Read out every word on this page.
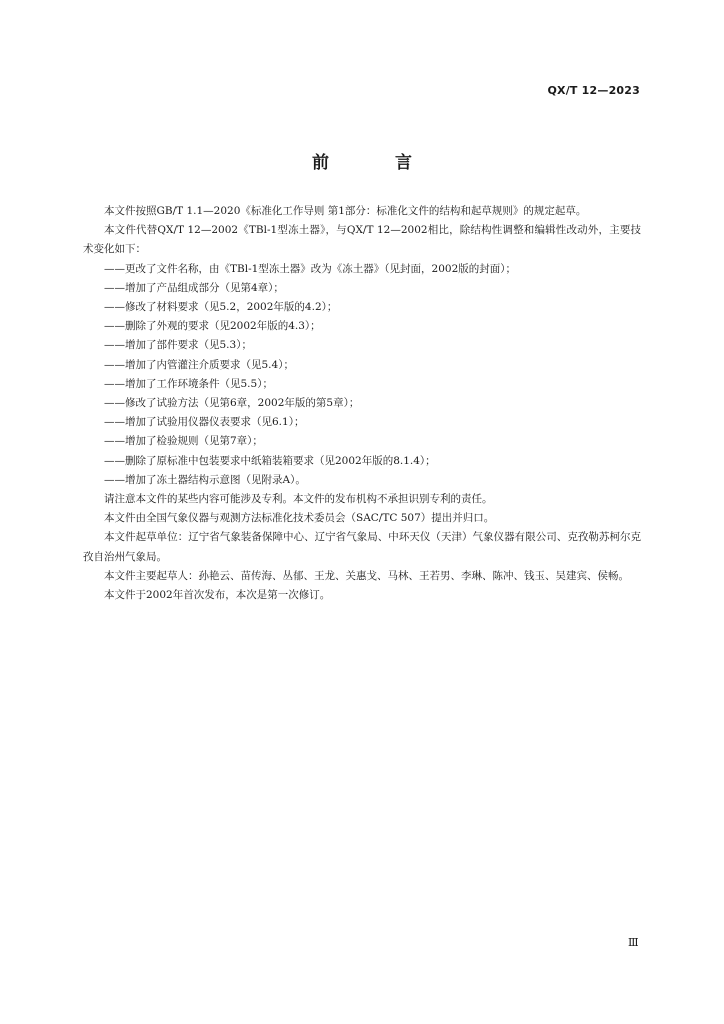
QX/T 12—2023
前 言

本文件按照GB/T 1.1—2020《标准化工作导则 第1部分：标准化文件的结构和起草规则》的规定起草。

本文件代替QX/T 12—2002《TBl-1型冻土器》，与QX/T 12—2002相比，除结构性调整和编辑性改动外，主要技术变化如下：

——更改了文件名称，由《TBl-1型冻土器》改为《冻土器》（见封面，2002版的封面）；

——增加了产品组成部分（见第4章）；

——修改了材料要求（见5.2，2002年版的4.2）；

——删除了外观的要求（见2002年版的4.3）；

——增加了部件要求（见5.3）；

——增加了内管灌注介质要求（见5.4）；

——增加了工作环境条件（见5.5）；

——修改了试验方法（见第6章，2002年版的第5章）；

——增加了试验用仪器仪表要求（见6.1）；

——增加了检验规则（见第7章）；

——删除了原标准中包装要求中纸箱装箱要求（见2002年版的8.1.4）；

——增加了冻土器结构示意图（见附录A）。

请注意本文件的某些内容可能涉及专利。本文件的发布机构不承担识别专利的责任。

本文件由全国气象仪器与观测方法标准化技术委员会（SAC/TC 507）提出并归口。

本文件起草单位：辽宁省气象装备保障中心、辽宁省气象局、中环天仪（天津）气象仪器有限公司、克孜勒苏柯尔克孜自治州气象局。

本文件主要起草人：孙艳云、苗传海、丛郁、王龙、关惠戈、马林、王若男、李琳、陈冲、钱玉、吴建宾、侯畅。

本文件于2002年首次发布，本次是第一次修订。

Ⅲ
